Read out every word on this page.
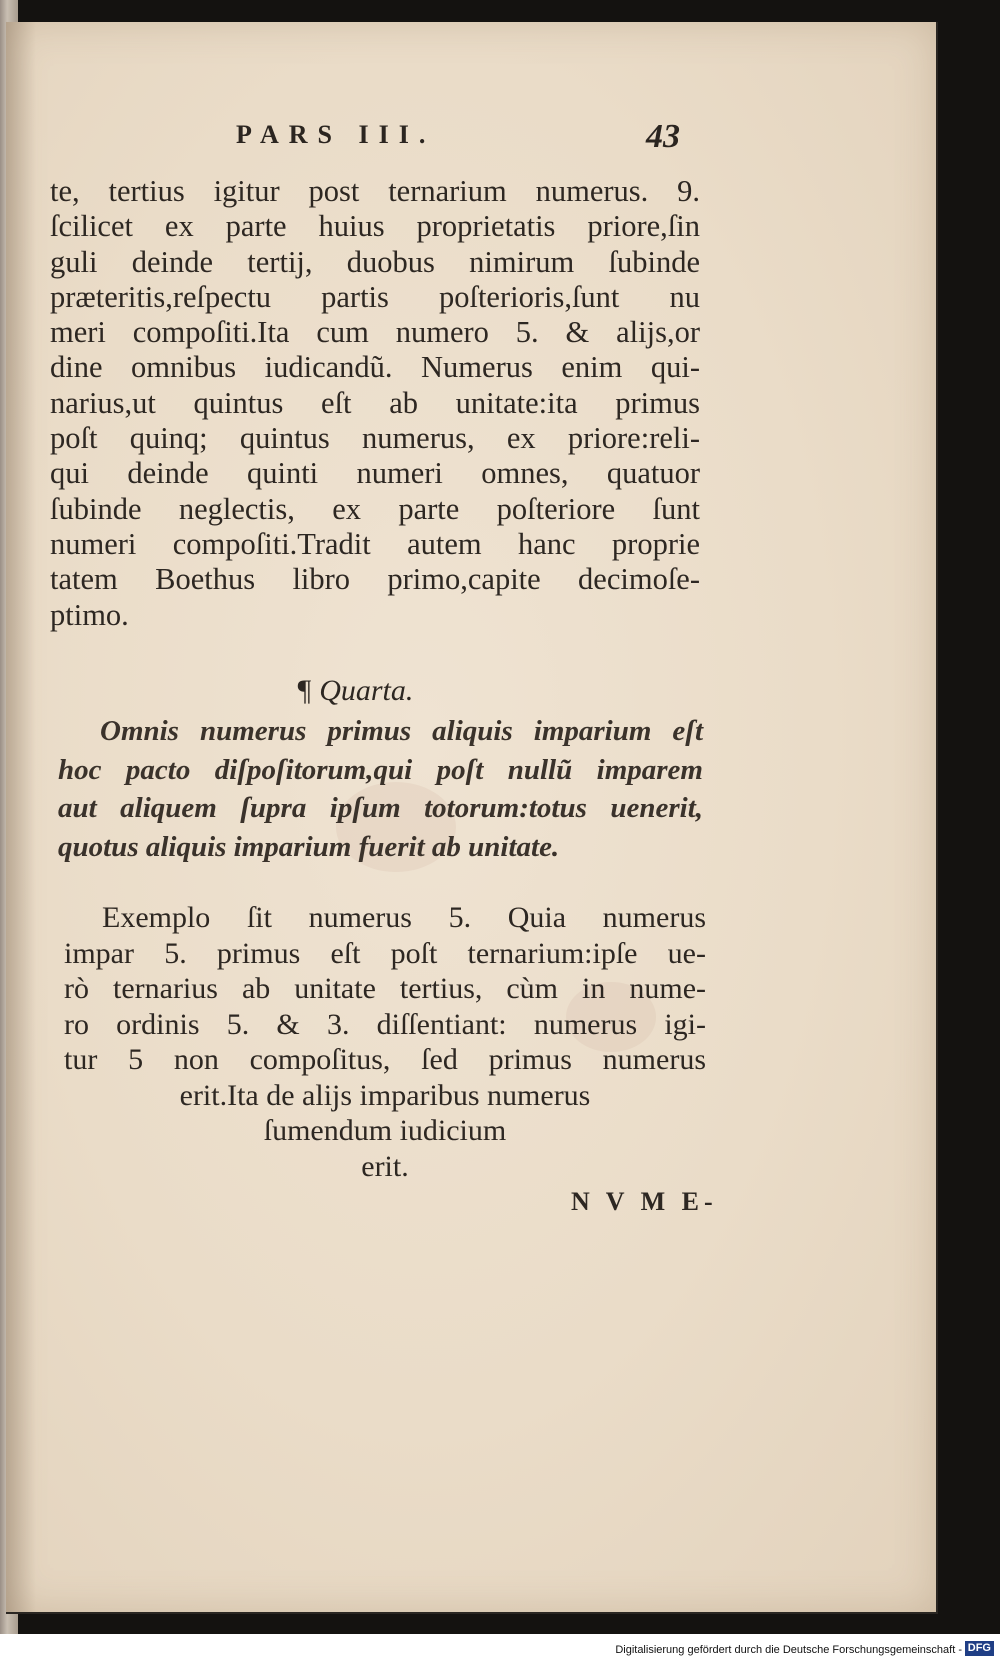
PARS III.	43
te, tertius igitur post ternarium numerus. 9.
ſcilicet ex parte huius proprietatis priore,ſin
guli deinde tertij, duobus nimirum ſubinde
præteritis,reſpectu partis poſterioris,ſunt nu
meri compoſiti.Ita cum numero 5. & alijs,or
dine omnibus iudicandũ. Numerus enim qui-
narius,ut quintus eſt ab unitate:ita primus
poſt quinq; quintus numerus, ex priore:reli-
qui deinde quinti numeri omnes, quatuor
ſubinde neglectis, ex parte poſteriore ſunt
numeri compoſiti.Tradit autem hanc proprie
tatem Boethus libro primo,capite decimoſe-
ptimo.
¶ Quarta.
Omnis numerus primus aliquis imparium eſt
hoc pacto diſpoſitorum,qui poſt nullũ imparem
aut aliquem ſupra ipſum totorum:totus uenerit,
quotus aliquis imparium fuerit ab unitate.
Exemplo ſit numerus 5. Quia numerus
impar 5. primus eſt poſt ternarium:ipſe ue-
rò ternarius ab unitate tertius, cùm in nume-
ro ordinis 5. & 3. diſſentiant: numerus igi-
tur 5 non compoſitus, ſed primus numerus
erit.Ita de alijs imparibus numerus
ſumendum iudicium
erit.
N V M E-
Digitalisierung gefördert durch die Deutsche Forschungsgemeinschaft - DFG
